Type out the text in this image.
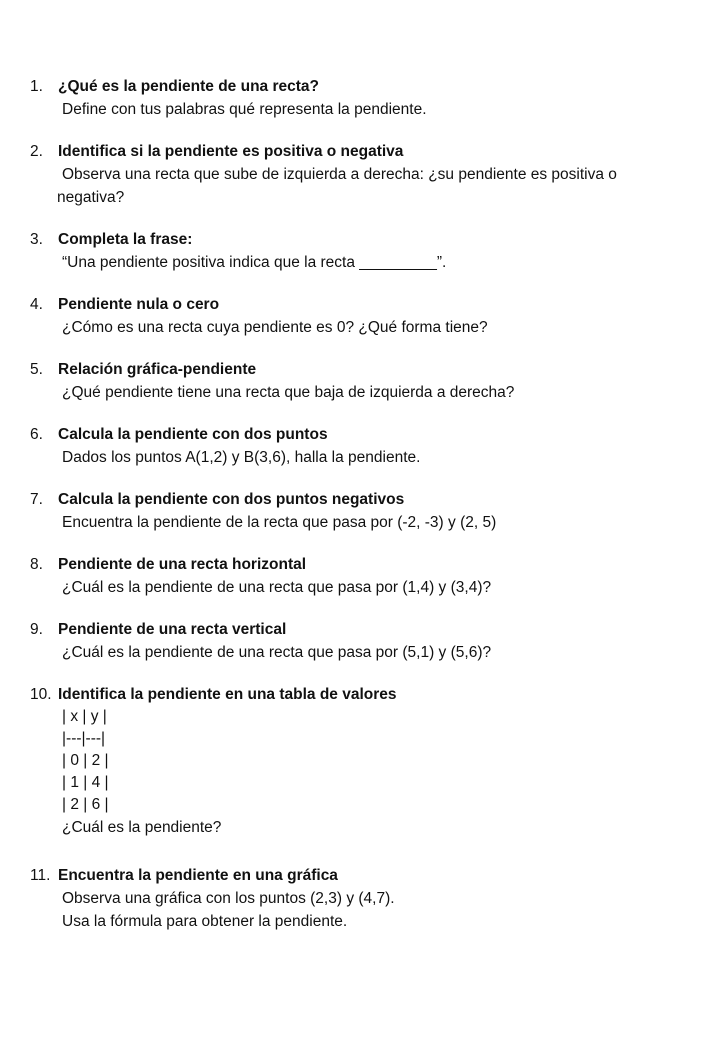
1. ¿Qué es la pendiente de una recta?
Define con tus palabras qué representa la pendiente.
2. Identifica si la pendiente es positiva o negativa
Observa una recta que sube de izquierda a derecha: ¿su pendiente es positiva o
negativa?
3. Completa la frase:
“Una pendiente positiva indica que la recta _________”.
4. Pendiente nula o cero
¿Cómo es una recta cuya pendiente es 0? ¿Qué forma tiene?
5. Relación gráfica-pendiente
¿Qué pendiente tiene una recta que baja de izquierda a derecha?
6. Calcula la pendiente con dos puntos
Dados los puntos A(1,2) y B(3,6), halla la pendiente.
7. Calcula la pendiente con dos puntos negativos
Encuentra la pendiente de la recta que pasa por (-2, -3) y (2, 5)
8. Pendiente de una recta horizontal
¿Cuál es la pendiente de una recta que pasa por (1,4) y (3,4)?
9. Pendiente de una recta vertical
¿Cuál es la pendiente de una recta que pasa por (5,1) y (5,6)?
10. Identifica la pendiente en una tabla de valores
| x | y |
|---|---|
| 0 | 2 |
| 1 | 4 |
| 2 | 6 |
¿Cuál es la pendiente?
11. Encuentra la pendiente en una gráfica
Observa una gráfica con los puntos (2,3) y (4,7).
Usa la fórmula para obtener la pendiente.
